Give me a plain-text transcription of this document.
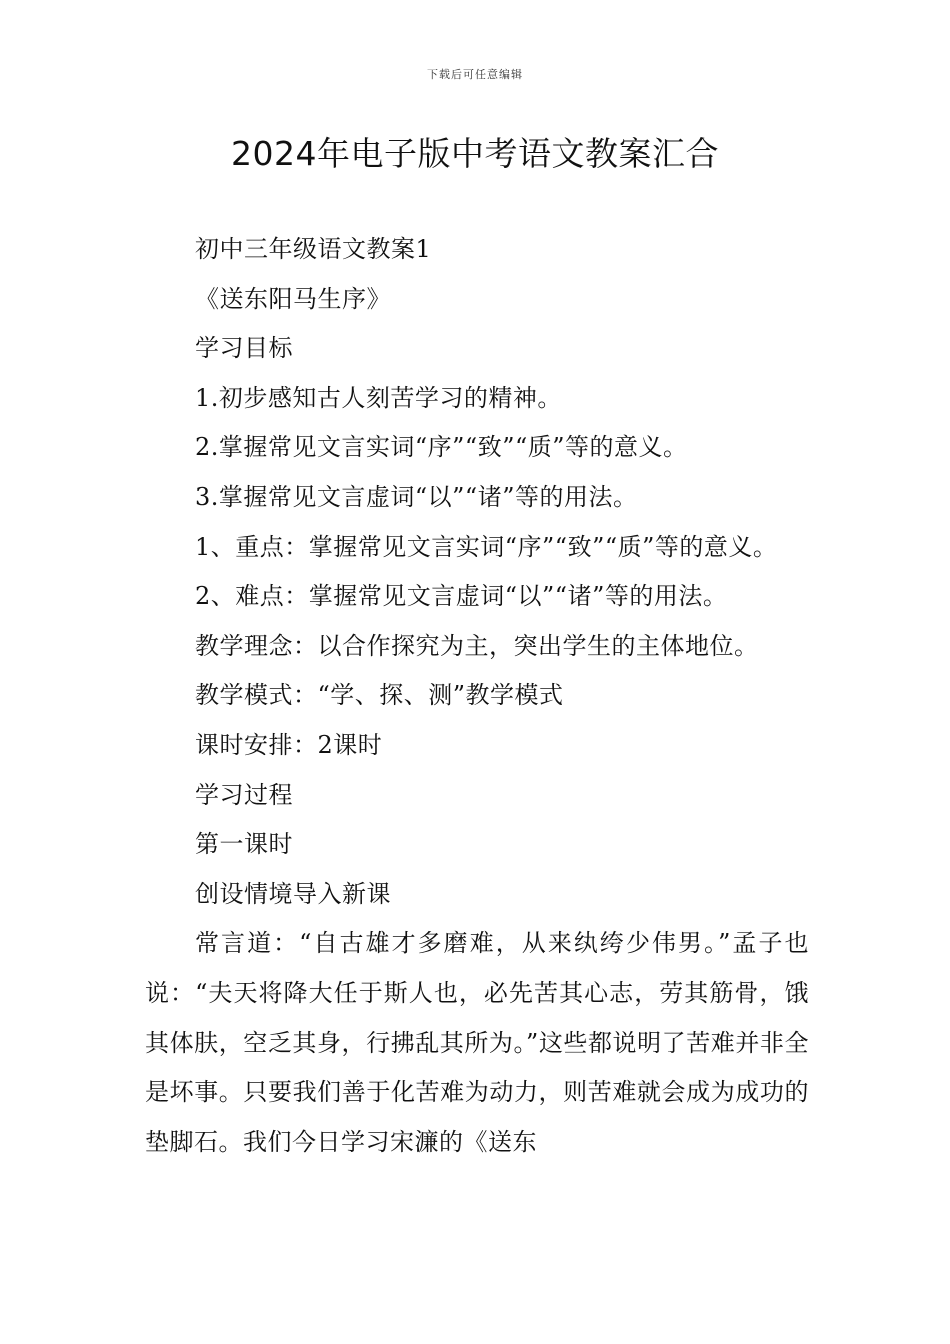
下载后可任意编辑
2024年电子版中考语文教案汇合

初中三年级语文教案1

《送东阳马生序》

学习目标

1.初步感知古人刻苦学习的精神。

2.掌握常见文言实词“序”“致”“质”等的意义。

3.掌握常见文言虚词“以”“诸”等的用法。

1、重点：掌握常见文言实词“序”“致”“质”等的意义。

2、难点：掌握常见文言虚词“以”“诸”等的用法。

教学理念：以合作探究为主，突出学生的主体地位。

教学模式：“学、探、测”教学模式

课时安排：2课时

学习过程

第一课时

创设情境导入新课

常言道：“自古雄才多磨难，从来纨绔少伟男。”孟子也说：“夫天将降大任于斯人也，必先苦其心志，劳其筋骨，饿其体肤，空乏其身，行拂乱其所为。”这些都说明了苦难并非全是坏事。只要我们善于化苦难为动力，则苦难就会成为成功的垫脚石。我们今日学习宋濂的《送东
